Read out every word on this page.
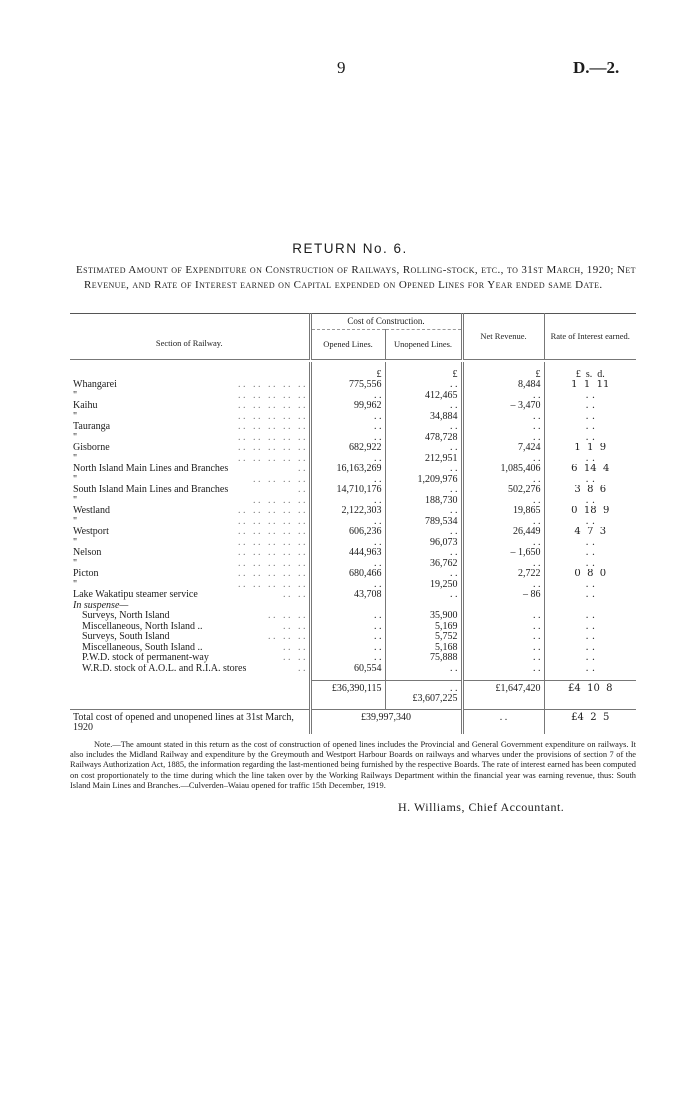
9	D.—2.
RETURN No. 6.
Estimated Amount of Expenditure on Construction of Railways, Rolling-stock, etc., to 31st March, 1920; Net Revenue, and Rate of Interest earned on Capital expended on Opened Lines for Year ended same Date.
Section of Railway.	Cost of Construction.		Net Revenue.	Rate of Interest earned.
	Opened Lines.	Unopened Lines.		

	£	£	£	£  s.  d.

Whangarei . .   . .   . .   . .   . .	775,556	. .	8,484	1  1  11

" . .   . .   . .   . .   . .	. .	412,465	. .	. .

Kaihu . .   . .   . .   . .   . .	99,962	. .	– 3,470	. .

" . .   . .   . .   . .   . .	. .	34,884	. .	. .

Tauranga . .   . .   . .   . .   . .	. .	. .	. .	. .

" . .   . .   . .   . .   . .	. .	478,728	. .	. .

Gisborne . .   . .   . .   . .   . .	682,922	. .	7,424	1  1  9

" . .   . .   . .   . .   . .	. .	212,951	. .	. .

North Island Main Lines and Branches . .	16,163,269	. .	1,085,406	6  14  4

" . .   . .   . .   . .	. .	1,209,976	. .	. .

South Island Main Lines and Branches . .	14,710,176	. .	502,276	3  8  6

" . .   . .   . .   . .	. .	188,730	. .	. .

Westland . .   . .   . .   . .   . .	2,122,303	. .	19,865	0  18  9

" . .   . .   . .   . .   . .	. .	789,534	. .	. .

Westport . .   . .   . .   . .   . .	606,236	. .	26,449	4  7  3

" . .   . .   . .   . .   . .	. .	96,073	. .	. .

Nelson . .   . .   . .   . .   . .	444,963	. .	– 1,650	. .

" . .   . .   . .   . .   . .	. .	36,762	. .	. .

Picton . .   . .   . .   . .   . .	680,466	. .	2,722	0  8  0

" . .   . .   . .   . .   . .	. .	19,250	. .	. .

Lake Wakatipu steamer service . .   . .	43,708	. .	– 86	. .
In suspense—				

Surveys, North Island . .   . .   . .	. .	35,900	. .	. .

Miscellaneous, North Island .. . .   . .	. .	5,169	. .	. .

Surveys, South Island . .   . .   . .	. .	5,752	. .	. .

Miscellaneous, South Island .. . .   . .	. .	5,168	. .	. .

P.W.D. stock of permanent-way . .   . .	. .	75,888	. .	. .

W.R.D. stock of A.O.L. and R.I.A. stores . .	60,554	. .	. .	. .

	£36,390,115	. .	£1,647,420	£4  10  8
		£3,607,225		
Total cost of opened and unopened lines at 31st March, 1920	£39,997,340		. .	£4  2  5
Note.—The amount stated in this return as the cost of construction of opened lines includes the Provincial and General Government expenditure on railways. It also includes the Midland Railway and expenditure by the Greymouth and Westport Harbour Boards on railways and wharves under the provisions of section 7 of the Railways Authorization Act, 1885, the information regarding the last-mentioned being furnished by the respective Boards. The rate of interest earned has been computed on cost proportionately to the time during which the line taken over by the Working Railways Department within the financial year was earning revenue, thus: South Island Main Lines and Branches.—Culverden–Waiau opened for traffic 15th December, 1919.
H. Williams, Chief Accountant.
